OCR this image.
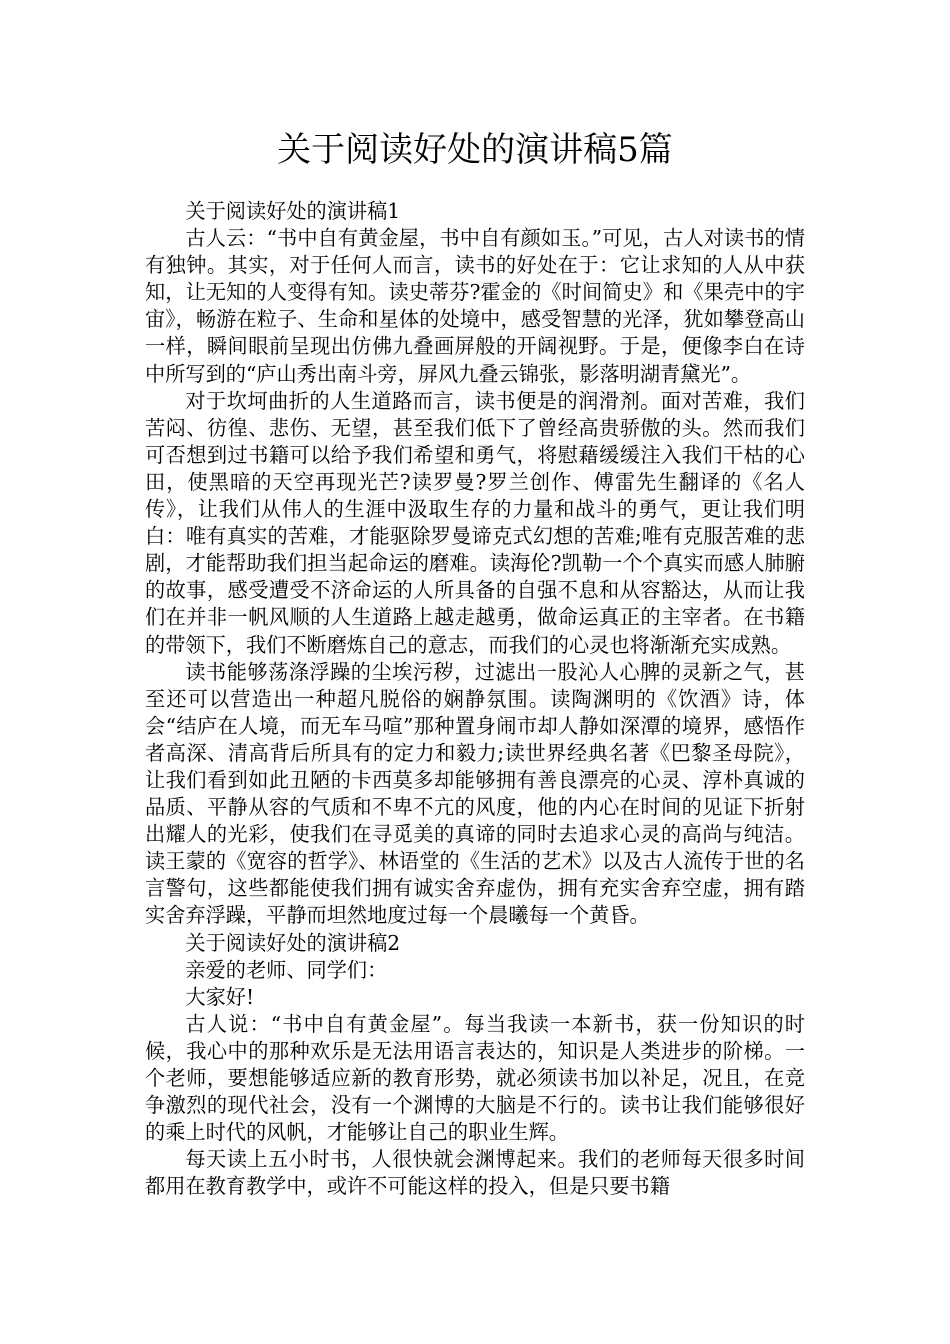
关于阅读好处的演讲稿5篇

关于阅读好处的演讲稿1

古人云：“书中自有黄金屋，书中自有颜如玉。”可见，古人对读书的情有独钟。其实，对于任何人而言，读书的好处在于：它让求知的人从中获知，让无知的人变得有知。读史蒂芬?霍金的《时间简史》和《果壳中的宇宙》，畅游在粒子、生命和星体的处境中，感受智慧的光泽，犹如攀登高山一样，瞬间眼前呈现出仿佛九叠画屏般的开阔视野。于是，便像李白在诗中所写到的“庐山秀出南斗旁，屏风九叠云锦张，影落明湖青黛光”。

对于坎坷曲折的人生道路而言，读书便是的润滑剂。面对苦难，我们苦闷、彷徨、悲伤、无望，甚至我们低下了曾经高贵骄傲的头。然而我们可否想到过书籍可以给予我们希望和勇气，将慰藉缓缓注入我们干枯的心田，使黑暗的天空再现光芒?读罗曼?罗兰创作、傅雷先生翻译的《名人传》，让我们从伟人的生涯中汲取生存的力量和战斗的勇气，更让我们明白：唯有真实的苦难，才能驱除罗曼谛克式幻想的苦难;唯有克服苦难的悲剧，才能帮助我们担当起命运的磨难。读海伦?凯勒一个个真实而感人肺腑的故事，感受遭受不济命运的人所具备的自强不息和从容豁达，从而让我们在并非一帆风顺的人生道路上越走越勇，做命运真正的主宰者。在书籍的带领下，我们不断磨炼自己的意志，而我们的心灵也将渐渐充实成熟。

读书能够荡涤浮躁的尘埃污秽，过滤出一股沁人心脾的灵新之气，甚至还可以营造出一种超凡脱俗的娴静氛围。读陶渊明的《饮酒》诗，体会“结庐在人境，而无车马喧”那种置身闹市却人静如深潭的境界，感悟作者高深、清高背后所具有的定力和毅力;读世界经典名著《巴黎圣母院》，让我们看到如此丑陋的卡西莫多却能够拥有善良漂亮的心灵、淳朴真诚的品质、平静从容的气质和不卑不亢的风度，他的内心在时间的见证下折射出耀人的光彩，使我们在寻觅美的真谛的同时去追求心灵的高尚与纯洁。读王蒙的《宽容的哲学》、林语堂的《生活的艺术》以及古人流传于世的名言警句，这些都能使我们拥有诚实舍弃虚伪，拥有充实舍弃空虚，拥有踏实舍弃浮躁，平静而坦然地度过每一个晨曦每一个黄昏。

关于阅读好处的演讲稿2

亲爱的老师、同学们：

大家好!

古人说：“书中自有黄金屋”。每当我读一本新书，获一份知识的时候，我心中的那种欢乐是无法用语言表达的，知识是人类进步的阶梯。一个老师，要想能够适应新的教育形势，就必须读书加以补足，况且，在竞争激烈的现代社会，没有一个渊博的大脑是不行的。读书让我们能够很好的乘上时代的风帆，才能够让自己的职业生辉。

每天读上五小时书，人很快就会渊博起来。我们的老师每天很多时间都用在教育教学中，或许不可能这样的投入，但是只要书籍
